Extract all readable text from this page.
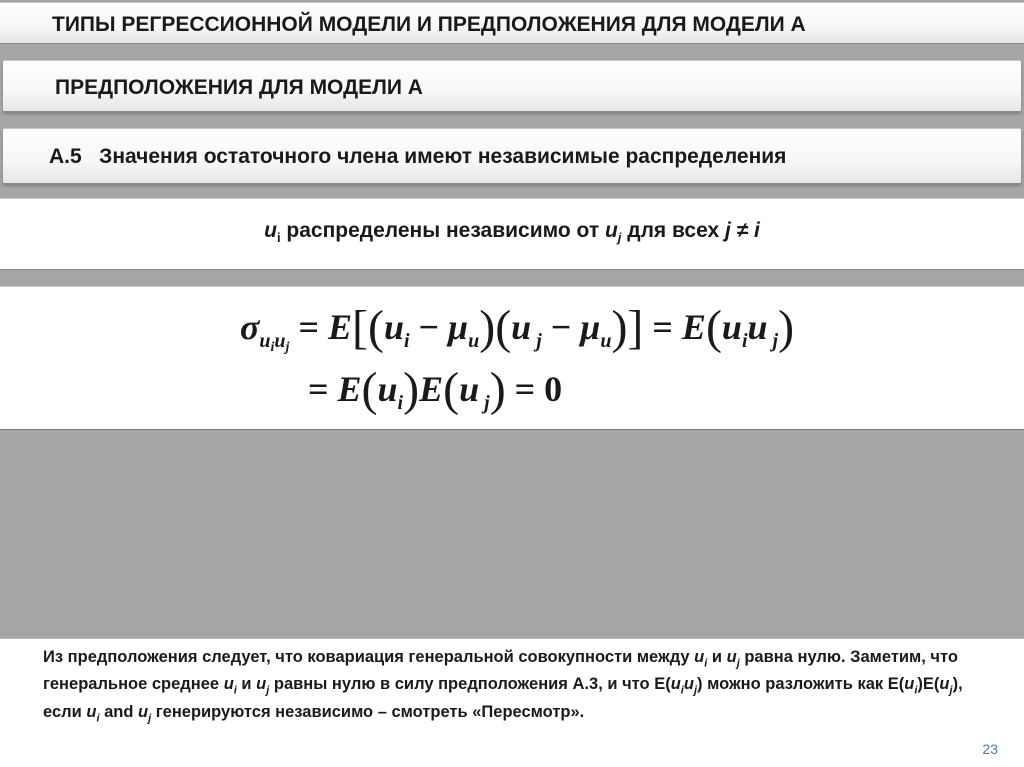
ТИПЫ РЕГРЕССИОННОЙ МОДЕЛИ И ПРЕДПОЛОЖЕНИЯ ДЛЯ МОДЕЛИ А
ПРЕДПОЛОЖЕНИЯ ДЛЯ МОДЕЛИ А
A.5   Значения остаточного члена имеют независимые распределения
$u_i$ распределены независимо от $u_j$ для всех j ≠ i
$\sigma_{u_iu_j} = E[(u_i - \mu_u)(u$ $_j - \mu_u)] = E(u_iu$ $_j$)
= $E(u_i)E(u$ $_j$) = 0
Из предположения следует, что ковариация генеральной совокупности между $u_i$ и $u_j$ равна нулю. Заметим, что генеральное среднее $u_i$ и $u_j$ равны нулю в силу предположения A.3, и что $E(u_iu_j)$ можно разложить как $E(u_i)E(u_j)$, если $u_i$ and $u_j$ генерируются независимо – смотреть «Пересмотр».
23
